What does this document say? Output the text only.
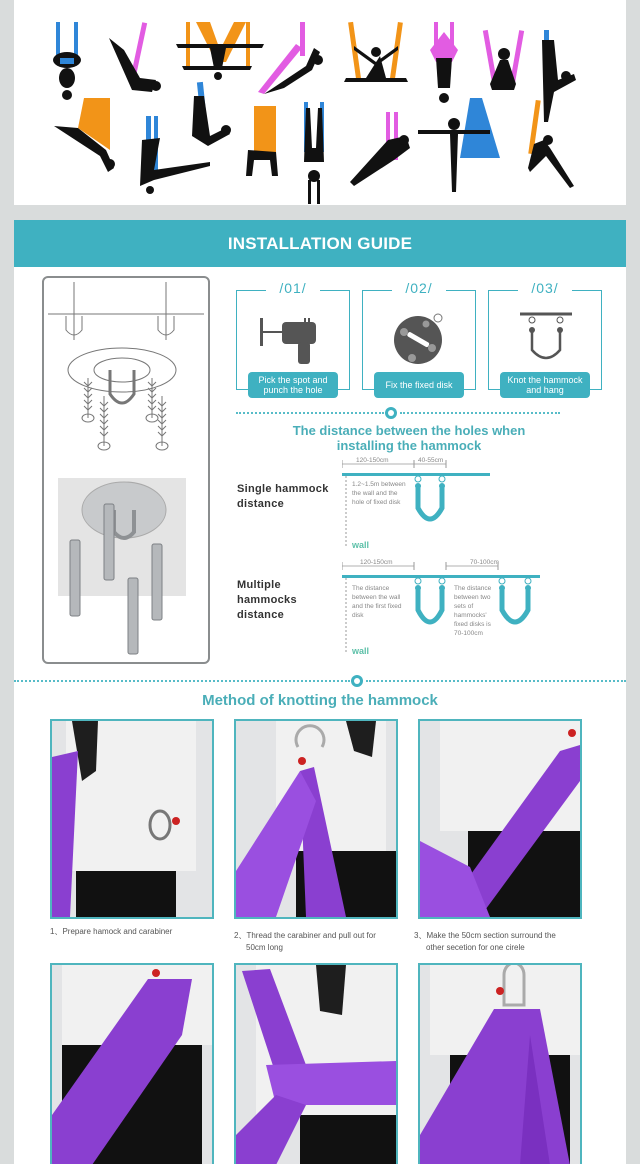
INSTALLATION GUIDE
/01/
Pick the spot and punch the hole
/02/
Fix the fixed disk
/03/
Knot the hammock and hang
The distance between the holes when
installing the hammock
Single hammock
distance
120-150cm	40-55cm
1.2~1.5m between
the wall and the
hole of fixed disk
wall
Multiple
hammocks
distance
120-150cm	70-100cm
The distance
between the wall
and the first fixed
disk
The distance
between two
sets of
hammocks'
fixed disks is
70-100cm
wall
Method of knotting the hammock
1、Prepare hamock and carabiner	2、Thread the carabiner and pull out for
50cm long
3、Make the 50cm section surround the
other secetion for one cirele
